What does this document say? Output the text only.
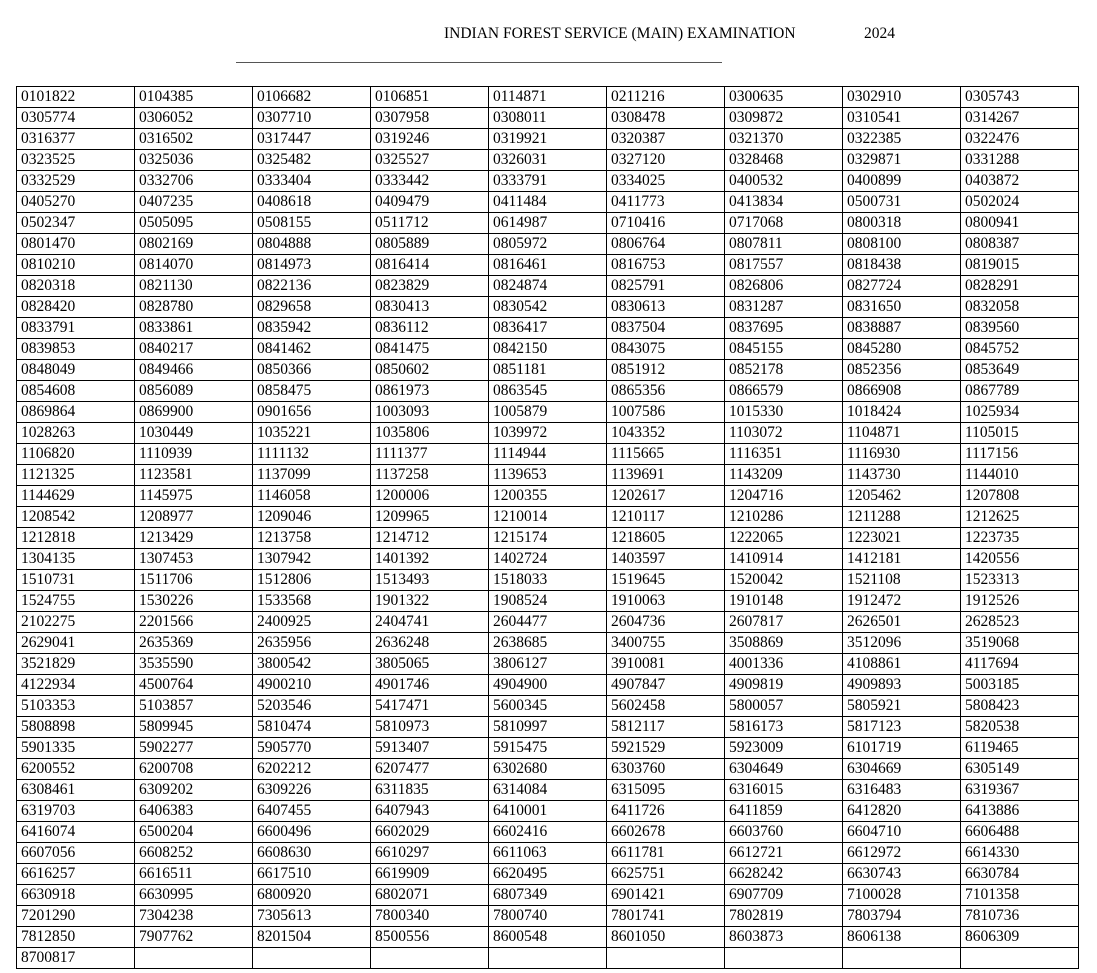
INDIAN FOREST SERVICE (MAIN) EXAMINATION	2024
0101822	0104385	0106682	0106851	0114871	0211216	0300635	0302910	0305743
0305774	0306052	0307710	0307958	0308011	0308478	0309872	0310541	0314267
0316377	0316502	0317447	0319246	0319921	0320387	0321370	0322385	0322476
0323525	0325036	0325482	0325527	0326031	0327120	0328468	0329871	0331288
0332529	0332706	0333404	0333442	0333791	0334025	0400532	0400899	0403872
0405270	0407235	0408618	0409479	0411484	0411773	0413834	0500731	0502024
0502347	0505095	0508155	0511712	0614987	0710416	0717068	0800318	0800941
0801470	0802169	0804888	0805889	0805972	0806764	0807811	0808100	0808387
0810210	0814070	0814973	0816414	0816461	0816753	0817557	0818438	0819015
0820318	0821130	0822136	0823829	0824874	0825791	0826806	0827724	0828291
0828420	0828780	0829658	0830413	0830542	0830613	0831287	0831650	0832058
0833791	0833861	0835942	0836112	0836417	0837504	0837695	0838887	0839560
0839853	0840217	0841462	0841475	0842150	0843075	0845155	0845280	0845752
0848049	0849466	0850366	0850602	0851181	0851912	0852178	0852356	0853649
0854608	0856089	0858475	0861973	0863545	0865356	0866579	0866908	0867789
0869864	0869900	0901656	1003093	1005879	1007586	1015330	1018424	1025934
1028263	1030449	1035221	1035806	1039972	1043352	1103072	1104871	1105015
1106820	1110939	1111132	1111377	1114944	1115665	1116351	1116930	1117156
1121325	1123581	1137099	1137258	1139653	1139691	1143209	1143730	1144010
1144629	1145975	1146058	1200006	1200355	1202617	1204716	1205462	1207808
1208542	1208977	1209046	1209965	1210014	1210117	1210286	1211288	1212625
1212818	1213429	1213758	1214712	1215174	1218605	1222065	1223021	1223735
1304135	1307453	1307942	1401392	1402724	1403597	1410914	1412181	1420556
1510731	1511706	1512806	1513493	1518033	1519645	1520042	1521108	1523313
1524755	1530226	1533568	1901322	1908524	1910063	1910148	1912472	1912526
2102275	2201566	2400925	2404741	2604477	2604736	2607817	2626501	2628523
2629041	2635369	2635956	2636248	2638685	3400755	3508869	3512096	3519068
3521829	3535590	3800542	3805065	3806127	3910081	4001336	4108861	4117694
4122934	4500764	4900210	4901746	4904900	4907847	4909819	4909893	5003185
5103353	5103857	5203546	5417471	5600345	5602458	5800057	5805921	5808423
5808898	5809945	5810474	5810973	5810997	5812117	5816173	5817123	5820538
5901335	5902277	5905770	5913407	5915475	5921529	5923009	6101719	6119465
6200552	6200708	6202212	6207477	6302680	6303760	6304649	6304669	6305149
6308461	6309202	6309226	6311835	6314084	6315095	6316015	6316483	6319367
6319703	6406383	6407455	6407943	6410001	6411726	6411859	6412820	6413886
6416074	6500204	6600496	6602029	6602416	6602678	6603760	6604710	6606488
6607056	6608252	6608630	6610297	6611063	6611781	6612721	6612972	6614330
6616257	6616511	6617510	6619909	6620495	6625751	6628242	6630743	6630784
6630918	6630995	6800920	6802071	6807349	6901421	6907709	7100028	7101358
7201290	7304238	7305613	7800340	7800740	7801741	7802819	7803794	7810736
7812850	7907762	8201504	8500556	8600548	8601050	8603873	8606138	8606309
8700817								
